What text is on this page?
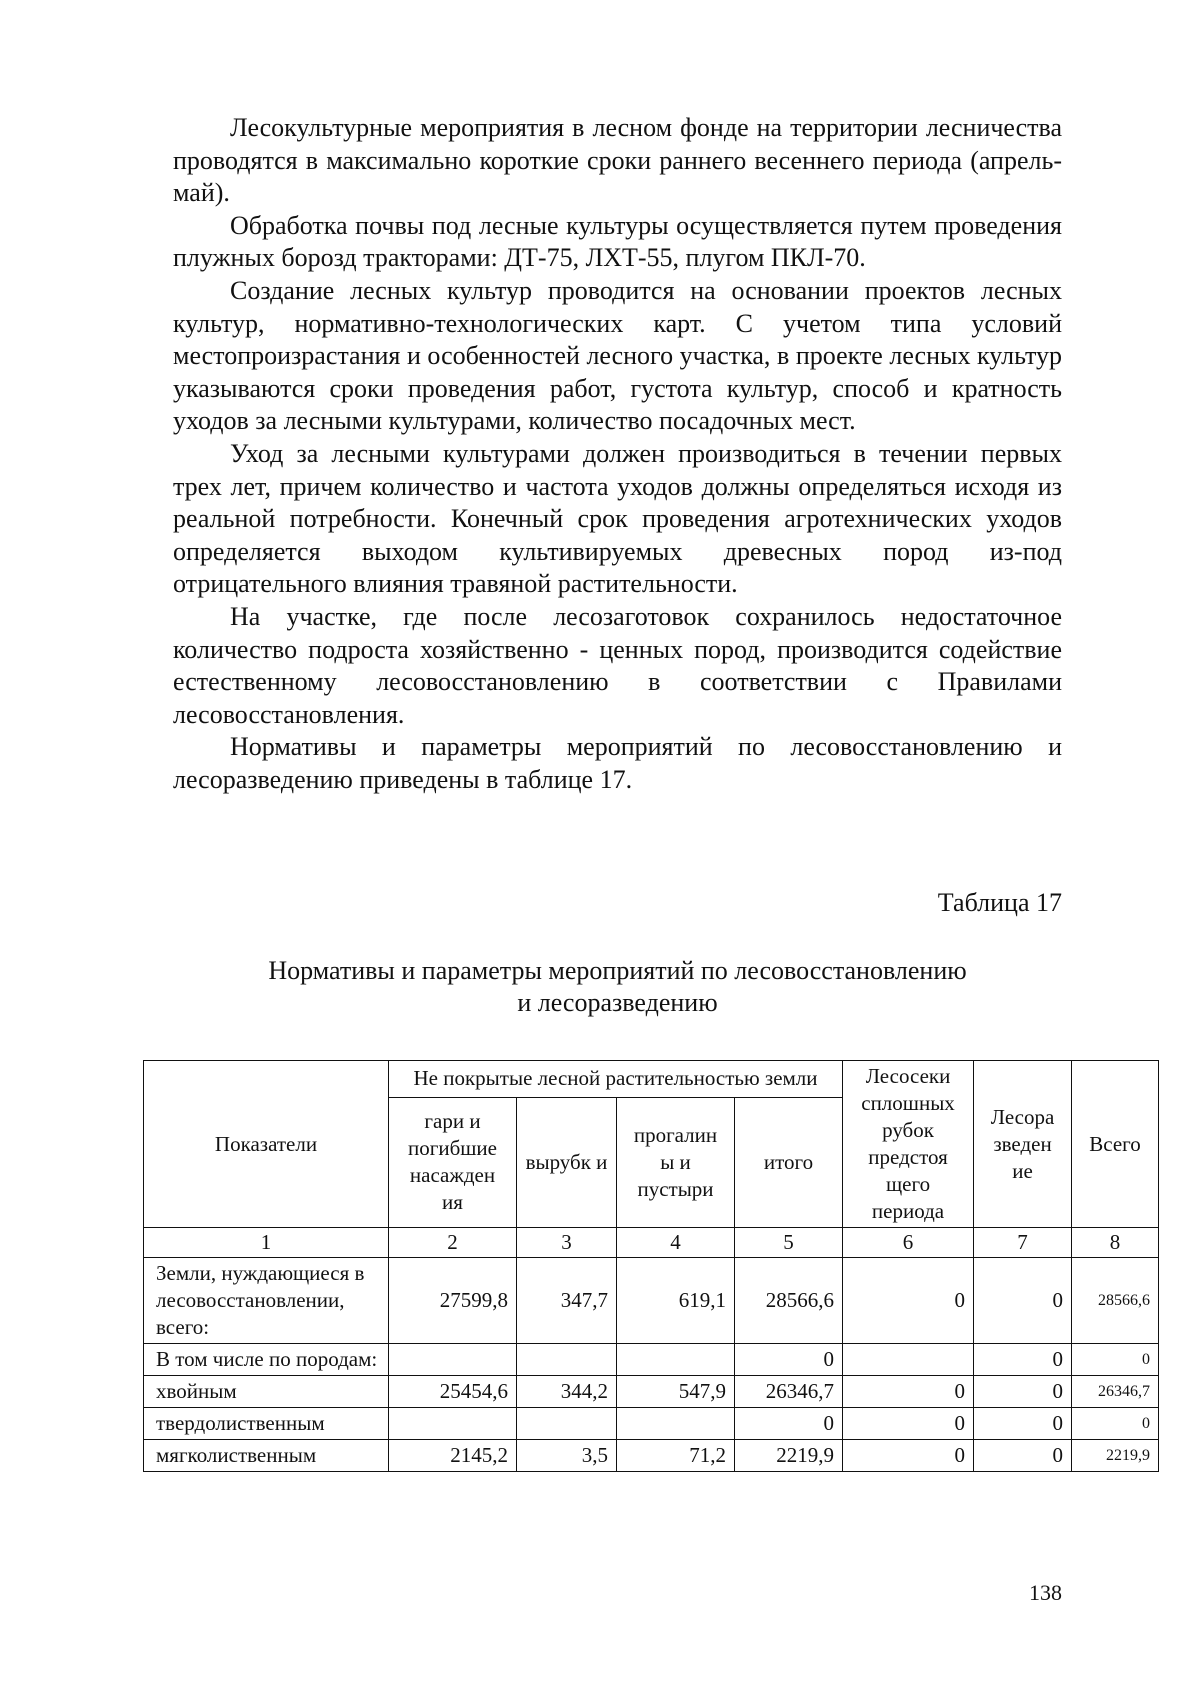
Лесокультурные мероприятия в лесном фонде на территории лесничества проводятся в максимально короткие сроки раннего весеннего периода (апрель-май).

Обработка почвы под лесные культуры осуществляется путем проведения плужных борозд тракторами: ДТ-75, ЛХТ-55, плугом ПКЛ-70.

Создание лесных культур проводится на основании проектов лесных культур, нормативно-технологических карт. С учетом типа условий местопроизрастания и особенностей лесного участка, в проекте лесных культур указываются сроки проведения работ, густота культур, способ и кратность уходов за лесными культурами, количество посадочных мест.

Уход за лесными культурами должен производиться в течении первых трех лет, причем количество и частота уходов должны определяться исходя из реальной потребности. Конечный срок проведения агротехнических уходов определяется выходом культивируемых древесных пород из-под отрицательного влияния травяной растительности.

На участке, где после лесозаготовок сохранилось недостаточное количество подроста хозяйственно - ценных пород, производится содействие естественному лесовосстановлению в соответствии с Правилами лесовосстановления.

Нормативы и параметры мероприятий по лесовосстановлению и лесоразведению приведены в таблице 17.

Таблица 17
Нормативы и параметры мероприятий по лесовосстановлению
и лесоразведению
Показатели	Не покрытые лесной растительностью земли				Лесосеки сплошных рубок предстоя щего периода	Лесора зведен ие	Всего
	гари и погибшие насажден ия	вырубк и	прогалин ы и пустыри	итого			
1	2	3	4	5	6	7	8
Земли, нуждающиеся в лесовосстановлении, всего:	27599,8	347,7	619,1	28566,6	0	0	28566,6
В том числе по породам:				0		0	0
хвойным	25454,6	344,2	547,9	26346,7	0	0	26346,7
твердолиственным				0	0	0	0
мягколиственным	2145,2	3,5	71,2	2219,9	0	0	2219,9
138
